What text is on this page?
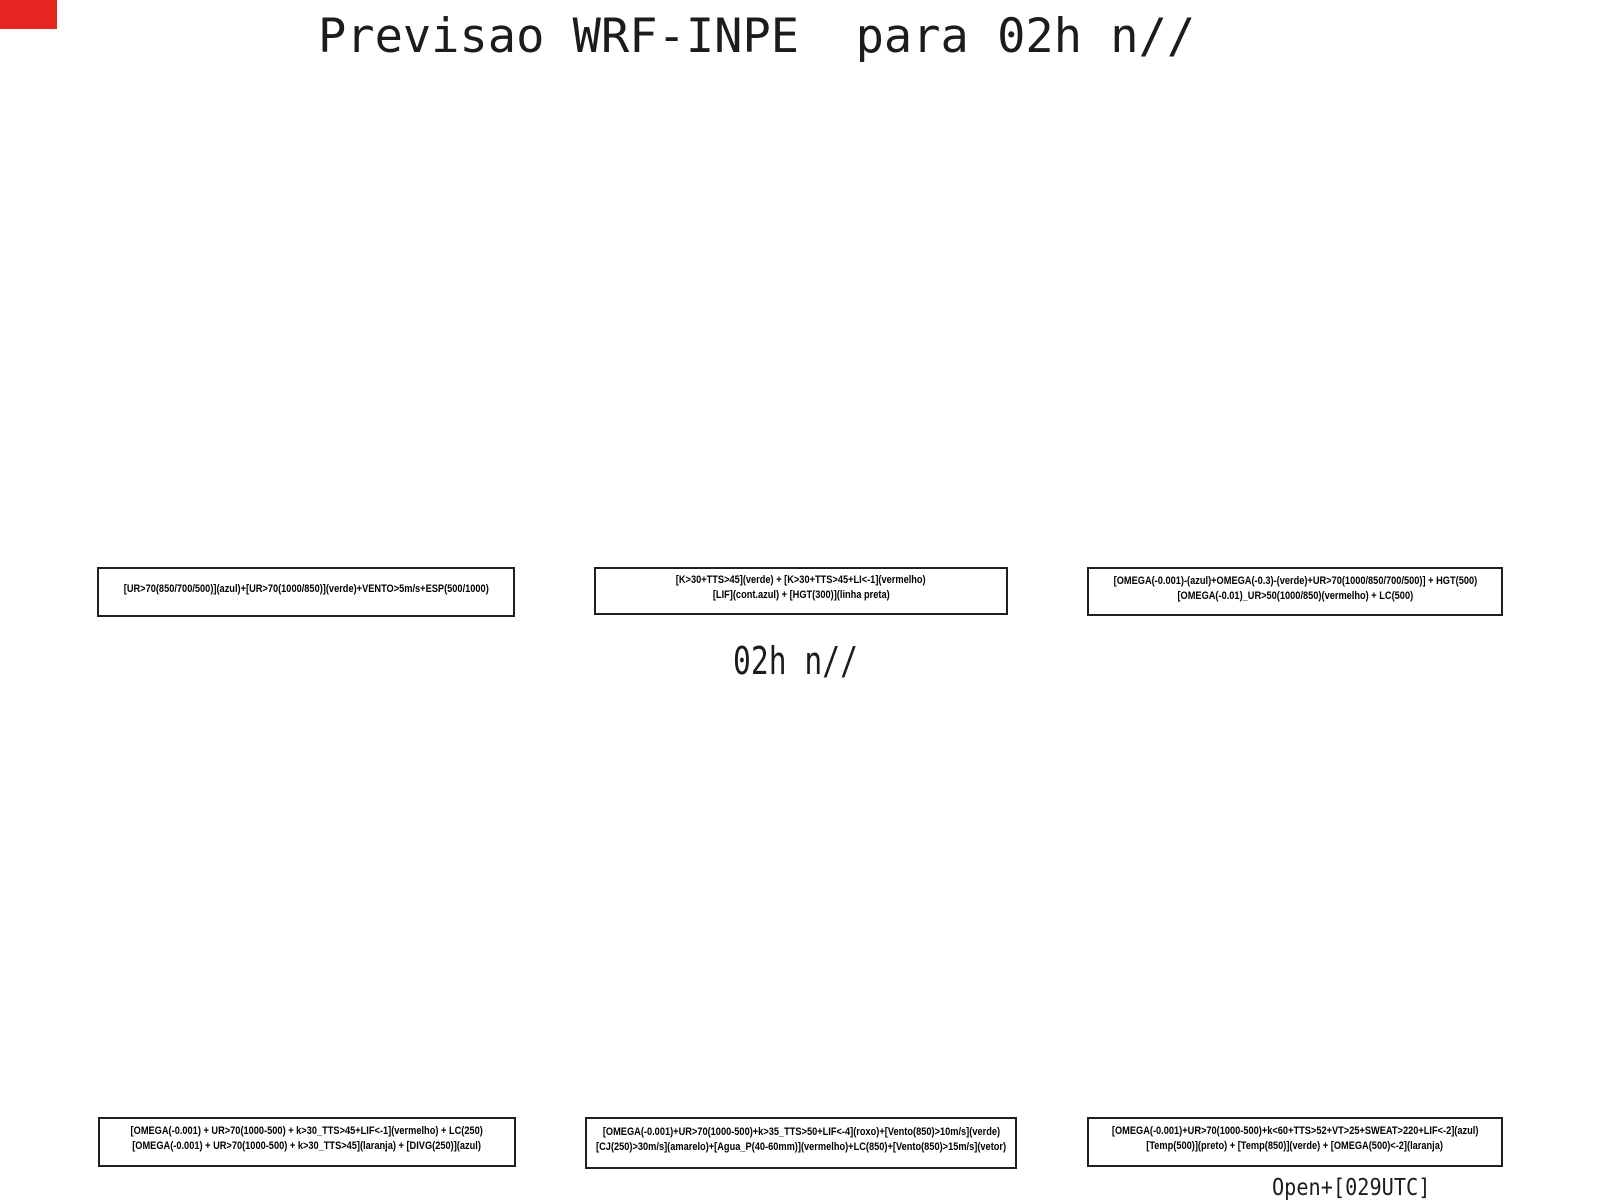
Previsao WRF-INPE  para 02h n//
[UR>70(850/700/500)](azul)+[UR>70(1000/850)](verde)+VENTO>5m/s+ESP(500/1000)
[K>30+TTS>45](verde) + [K>30+TTS>45+LI<-1](vermelho)
[LIF](cont.azul) + [HGT(300)](linha preta)
[OMEGA(-0.001)-(azul)+OMEGA(-0.3)-(verde)+UR>70(1000/850/700/500)] + HGT(500)
[OMEGA(-0.01)_UR>50(1000/850)(vermelho) + LC(500)
02h n//
[OMEGA(-0.001) + UR>70(1000-500) + k>30_TTS>45+LIF<-1](vermelho) + LC(250)
[OMEGA(-0.001) + UR>70(1000-500) + k>30_TTS>45](laranja) + [DIVG(250)](azul)
[OMEGA(-0.001)+UR>70(1000-500)+k>35_TTS>50+LIF<-4](roxo)+[Vento(850)>10m/s](verde)
[CJ(250)>30m/s](amarelo)+[Agua_P(40-60mm)](vermelho)+LC(850)+[Vento(850)>15m/s](vetor)
[OMEGA(-0.001)+UR>70(1000-500)+k<60+TTS>52+VT>25+SWEAT>220+LIF<-2](azul)
[Temp(500)](preto) + [Temp(850)](verde) + [OMEGA(500)<-2](laranja)
Open+[029UTC]
